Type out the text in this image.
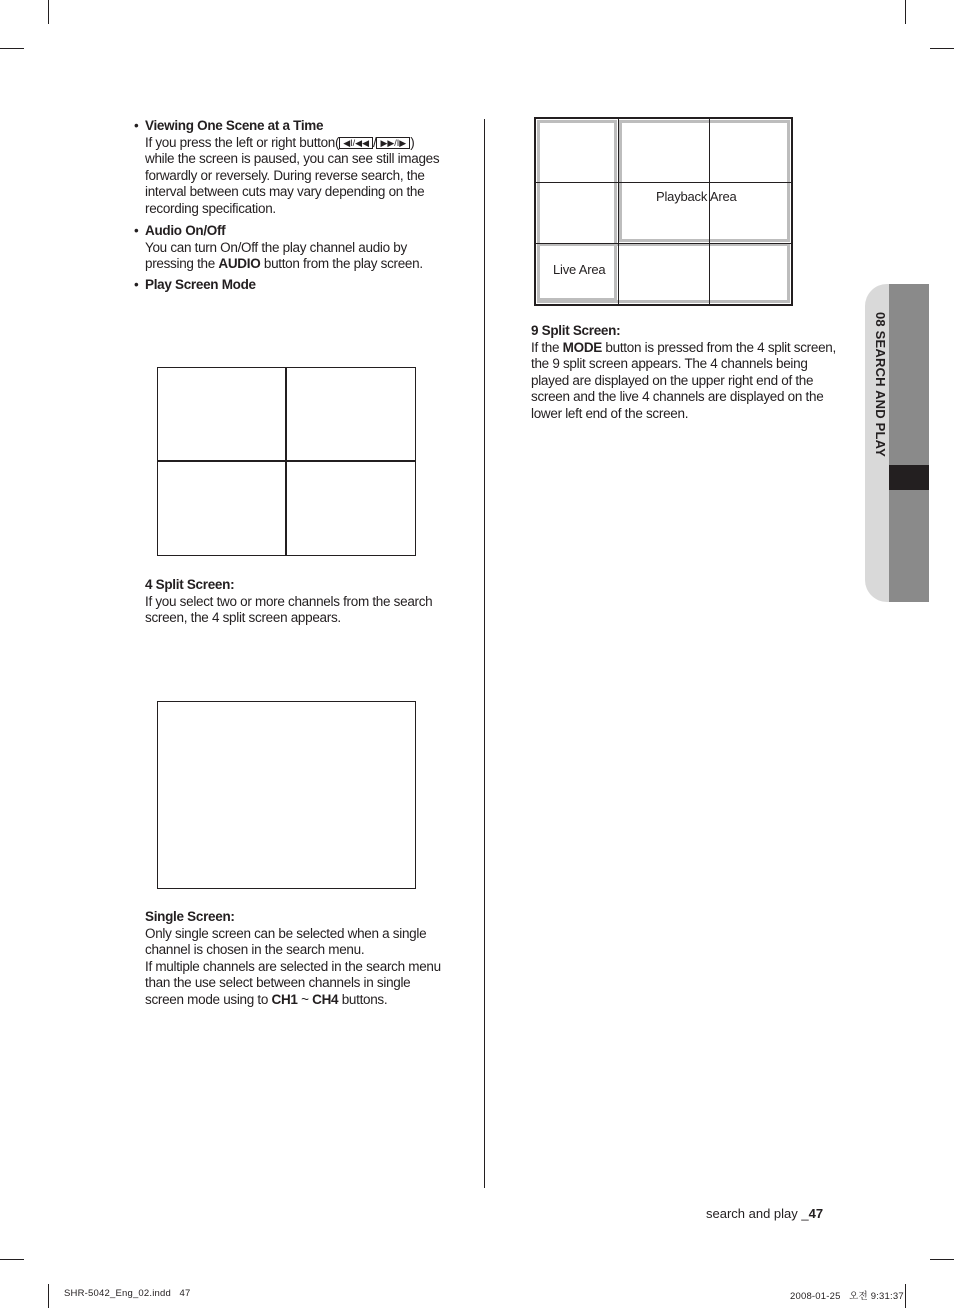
08 SEARCH AND PLAY
• Viewing One Scene at a Time
If you press the left or right button( ◀I/◀◀ / ▶▶/I▶ )
while the screen is paused, you can see still images forwardly or reversely. During reverse search, the interval between cuts may vary depending on the recording specification.
• Audio On/Off
You can turn On/Off the play channel audio by pressing the AUDIO button from the play screen.
• Play Screen Mode
4 Split Screen:
If you select two or more channels from the search screen, the 4 split screen appears.
Single Screen:
Only single screen can be selected when a single channel is chosen in the search menu.
If multiple channels are selected in the search menu than the use select between channels in single screen mode using to CH1 ~ CH4 buttons.
Playback Area
Live Area
9 Split Screen:
If the MODE button is pressed from the 4 split screen, the 9 split screen appears. The 4 channels being played are displayed on the upper right end of the screen and the live 4 channels are displayed on the lower left end of the screen.
search and play _47
SHR-5042_Eng_02.indd   47	2008-01-25   오전 9:31:37
